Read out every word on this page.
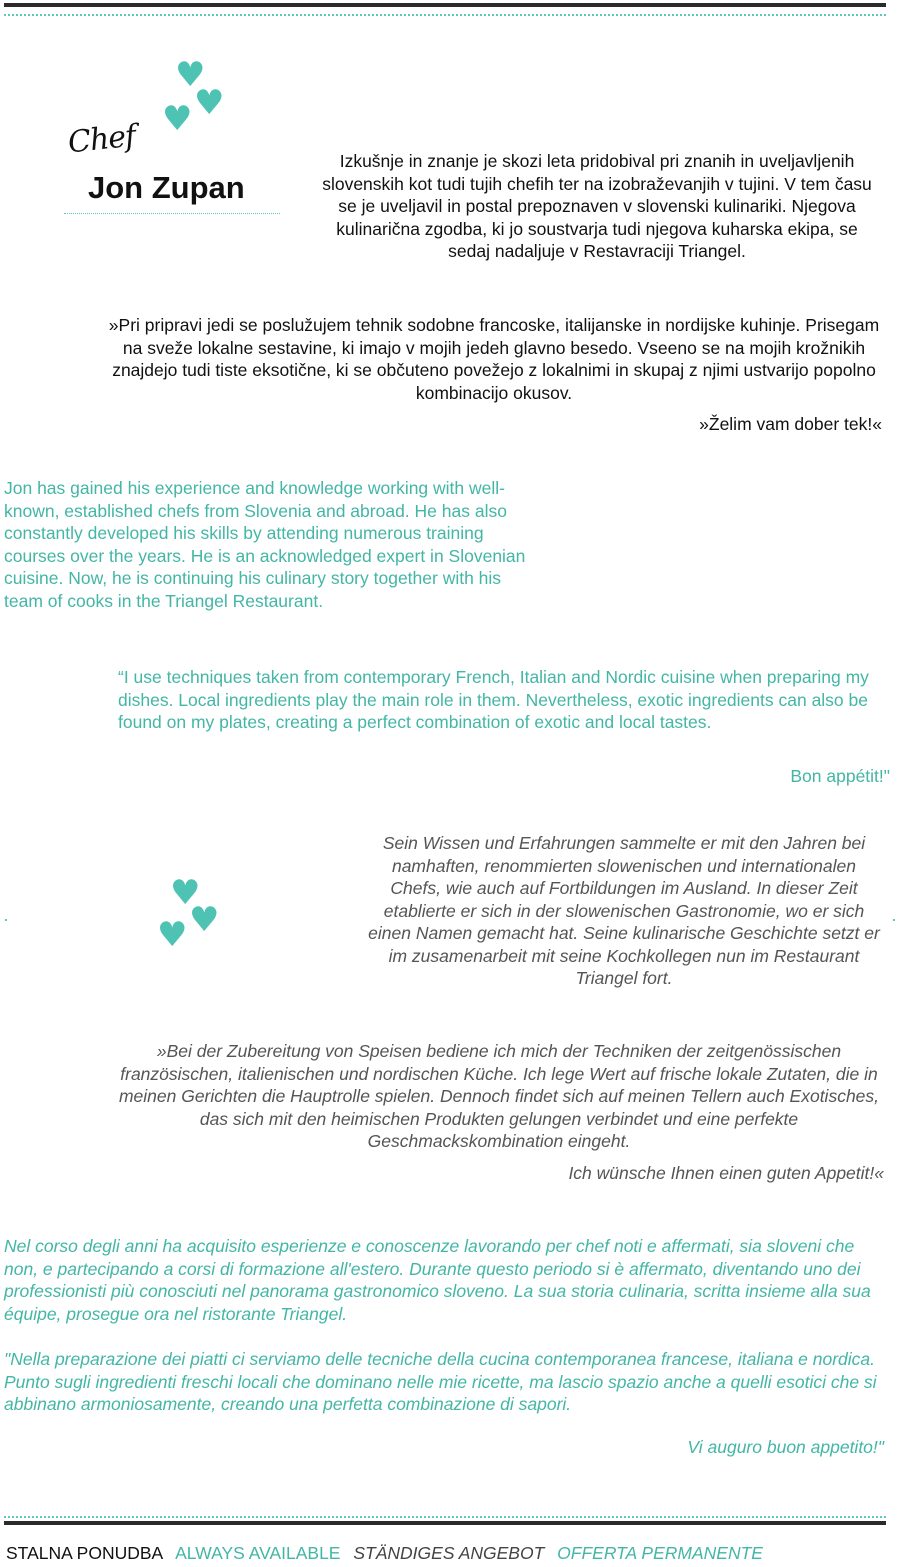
♥
♥
♥
Chef
Jon Zupan
Izkušnje in znanje je skozi leta pridobival pri znanih in uveljavljenih slovenskih kot tudi tujih chefih ter na izobraževanjih v tujini. V tem času se je uveljavil in postal prepoznaven v slovenski kulinariki. Njegova kulinarična zgodba, ki jo soustvarja tudi njegova kuharska ekipa, se sedaj nadaljuje v Restavraciji Triangel.
»Pri pripravi jedi se poslužujem tehnik sodobne francoske, italijanske in nordijske kuhinje. Prisegam na sveže lokalne sestavine, ki imajo v mojih jedeh glavno besedo. Vseeno se na mojih krožnikih znajdejo tudi tiste eksotične, ki se občuteno povežejo z lokalnimi in skupaj z njimi ustvarijo popolno kombinacijo okusov.
»Želim vam dober tek!«
Jon has gained his experience and knowledge working with well-known, established chefs from Slovenia and abroad. He has also constantly developed his skills by attending numerous training courses over the years. He is an acknowledged expert in Slovenian cuisine. Now, he is continuing his culinary story together with his team of cooks in the Triangel Restaurant.
“I use techniques taken from contemporary French, Italian and Nordic cuisine when preparing my dishes. Local ingredients play the main role in them. Nevertheless, exotic ingredients can also be found on my plates, creating a perfect combination of exotic and local tastes.
Bon appétit!"
♥
♥
♥
Sein Wissen und Erfahrungen sammelte er mit den Jahren bei namhaften, renommierten slowenischen und internationalen Chefs, wie auch auf Fortbildungen im Ausland. In dieser Zeit etablierte er sich in der slowenischen Gastronomie, wo er sich einen Namen gemacht hat. Seine kulinarische Geschichte setzt er im zusamenarbeit mit seine Kochkollegen nun im Restaurant Triangel fort.
»Bei der Zubereitung von Speisen bediene ich mich der Techniken der zeitgenössischen französischen, italienischen und nordischen Küche. Ich lege Wert auf frische lokale Zutaten, die in meinen Gerichten die Hauptrolle spielen. Dennoch findet sich auf meinen Tellern auch Exotisches, das sich mit den heimischen Produkten gelungen verbindet und eine perfekte Geschmackskombination eingeht.
Ich wünsche Ihnen einen guten Appetit!«
Nel corso degli anni ha acquisito esperienze e conoscenze lavorando per chef noti e affermati, sia sloveni che non, e partecipando a corsi di formazione all'estero. Durante questo periodo si è affermato, diventando uno dei professionisti più conosciuti nel panorama gastronomico sloveno. La sua storia culinaria, scritta insieme alla sua équipe, prosegue ora nel ristorante Triangel.
"Nella preparazione dei piatti ci serviamo delle tecniche della cucina contemporanea francese, italiana e nordica. Punto sugli ingredienti freschi locali che dominano nelle mie ricette, ma lascio spazio anche a quelli esotici che si abbinano armoniosamente, creando una perfetta combinazione di sapori.
Vi auguro buon appetito!"
STALNA PONUDBA ALWAYS AVAILABLE STÄNDIGES ANGEBOT OFFERTA PERMANENTE
